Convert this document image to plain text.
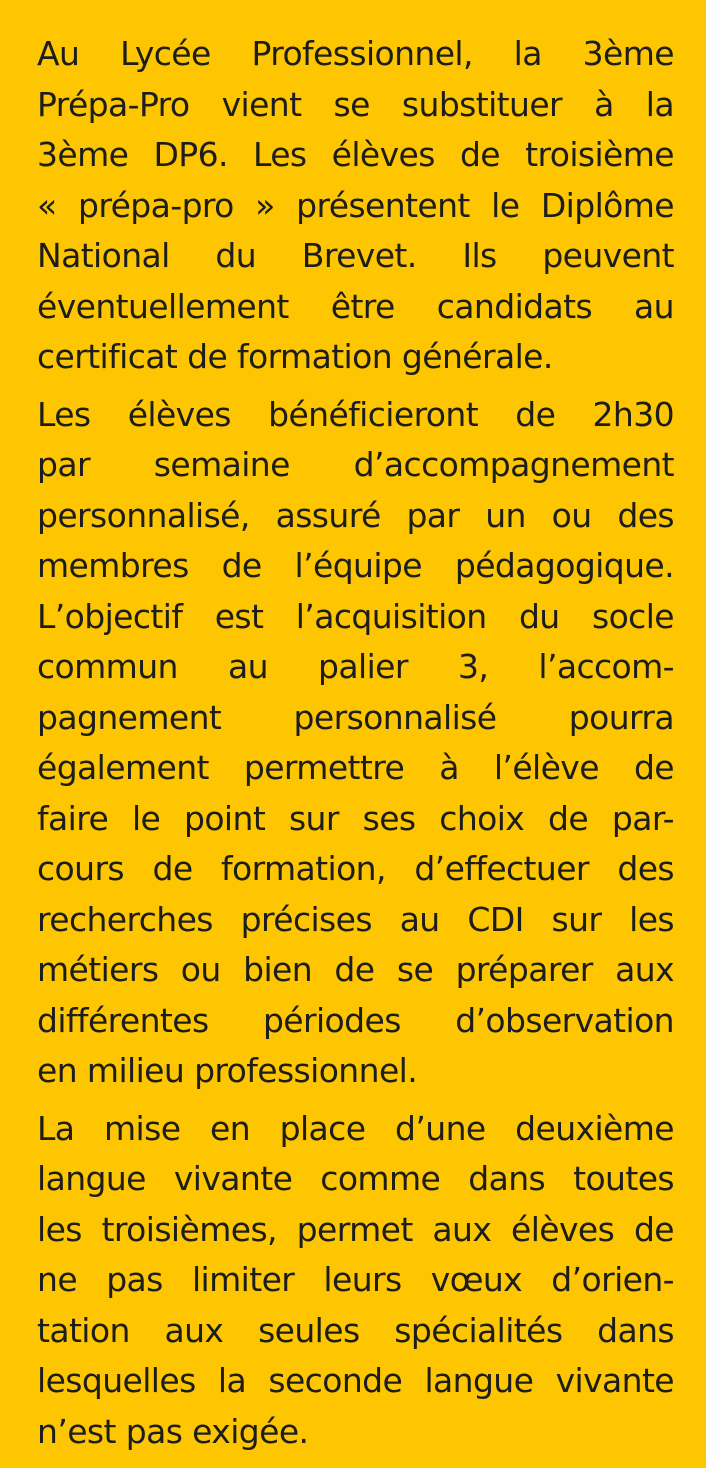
Au Lycée Professionnel, la 3ème
Prépa-Pro vient se substituer à la
3ème DP6. Les élèves de troisième
« prépa-pro » présentent le Diplôme
National du Brevet. Ils peuvent
éventuellement être candidats au
certificat de formation générale.

Les élèves bénéficieront de 2h30
par semaine d’accompagnement
personnalisé, assuré par un ou des
membres de l’équipe pédagogique.
L’objectif est l’acquisition du socle
commun au palier 3, l’accom-
pagnement personnalisé pourra
également permettre à l’élève de
faire le point sur ses choix de par-
cours de formation, d’effectuer des
recherches précises au CDI sur les
métiers ou bien de se préparer aux
différentes périodes d’observation
en milieu professionnel.

La mise en place d’une deuxième
langue vivante comme dans toutes
les troisièmes, permet aux élèves de
ne pas limiter leurs vœux d’orien-
tation aux seules spécialités dans
lesquelles la seconde langue vivante
n’est pas exigée.
